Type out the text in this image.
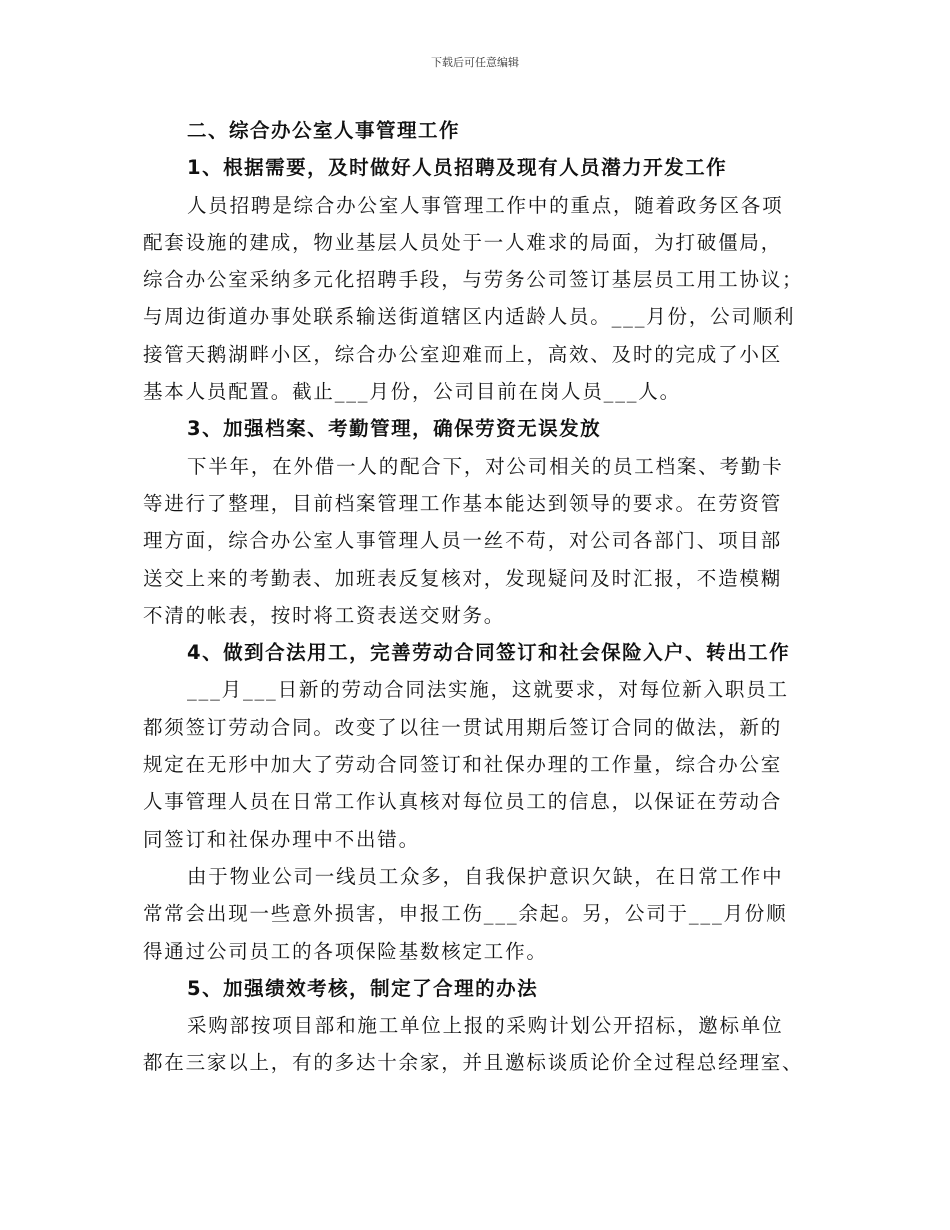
下载后可任意编辑

二、综合办公室人事管理工作

1、根据需要，及时做好人员招聘及现有人员潜力开发工作

人员招聘是综合办公室人事管理工作中的重点，随着政务区各项

配套设施的建成，物业基层人员处于一人难求的局面，为打破僵局，

综合办公室采纳多元化招聘手段，与劳务公司签订基层员工用工协议；

与周边街道办事处联系输送街道辖区内适龄人员。___月份，公司顺利

接管天鹅湖畔小区，综合办公室迎难而上，高效、及时的完成了小区

基本人员配置。截止___月份，公司目前在岗人员___人。

3、加强档案、考勤管理，确保劳资无误发放

下半年，在外借一人的配合下，对公司相关的员工档案、考勤卡

等进行了整理，目前档案管理工作基本能达到领导的要求。在劳资管

理方面，综合办公室人事管理人员一丝不苟，对公司各部门、项目部

送交上来的考勤表、加班表反复核对，发现疑问及时汇报，不造模糊

不清的帐表，按时将工资表送交财务。

4、做到合法用工，完善劳动合同签订和社会保险入户、转出工作

___月___日新的劳动合同法实施，这就要求，对每位新入职员工

都须签订劳动合同。改变了以往一贯试用期后签订合同的做法，新的

规定在无形中加大了劳动合同签订和社保办理的工作量，综合办公室

人事管理人员在日常工作认真核对每位员工的信息，以保证在劳动合

同签订和社保办理中不出错。

由于物业公司一线员工众多，自我保护意识欠缺，在日常工作中

常常会出现一些意外损害，申报工伤___余起。另，公司于___月份顺

得通过公司员工的各项保险基数核定工作。

5、加强绩效考核，制定了合理的办法

采购部按项目部和施工单位上报的采购计划公开招标，邀标单位

都在三家以上，有的多达十余家，并且邀标谈质论价全过程总经理室、
